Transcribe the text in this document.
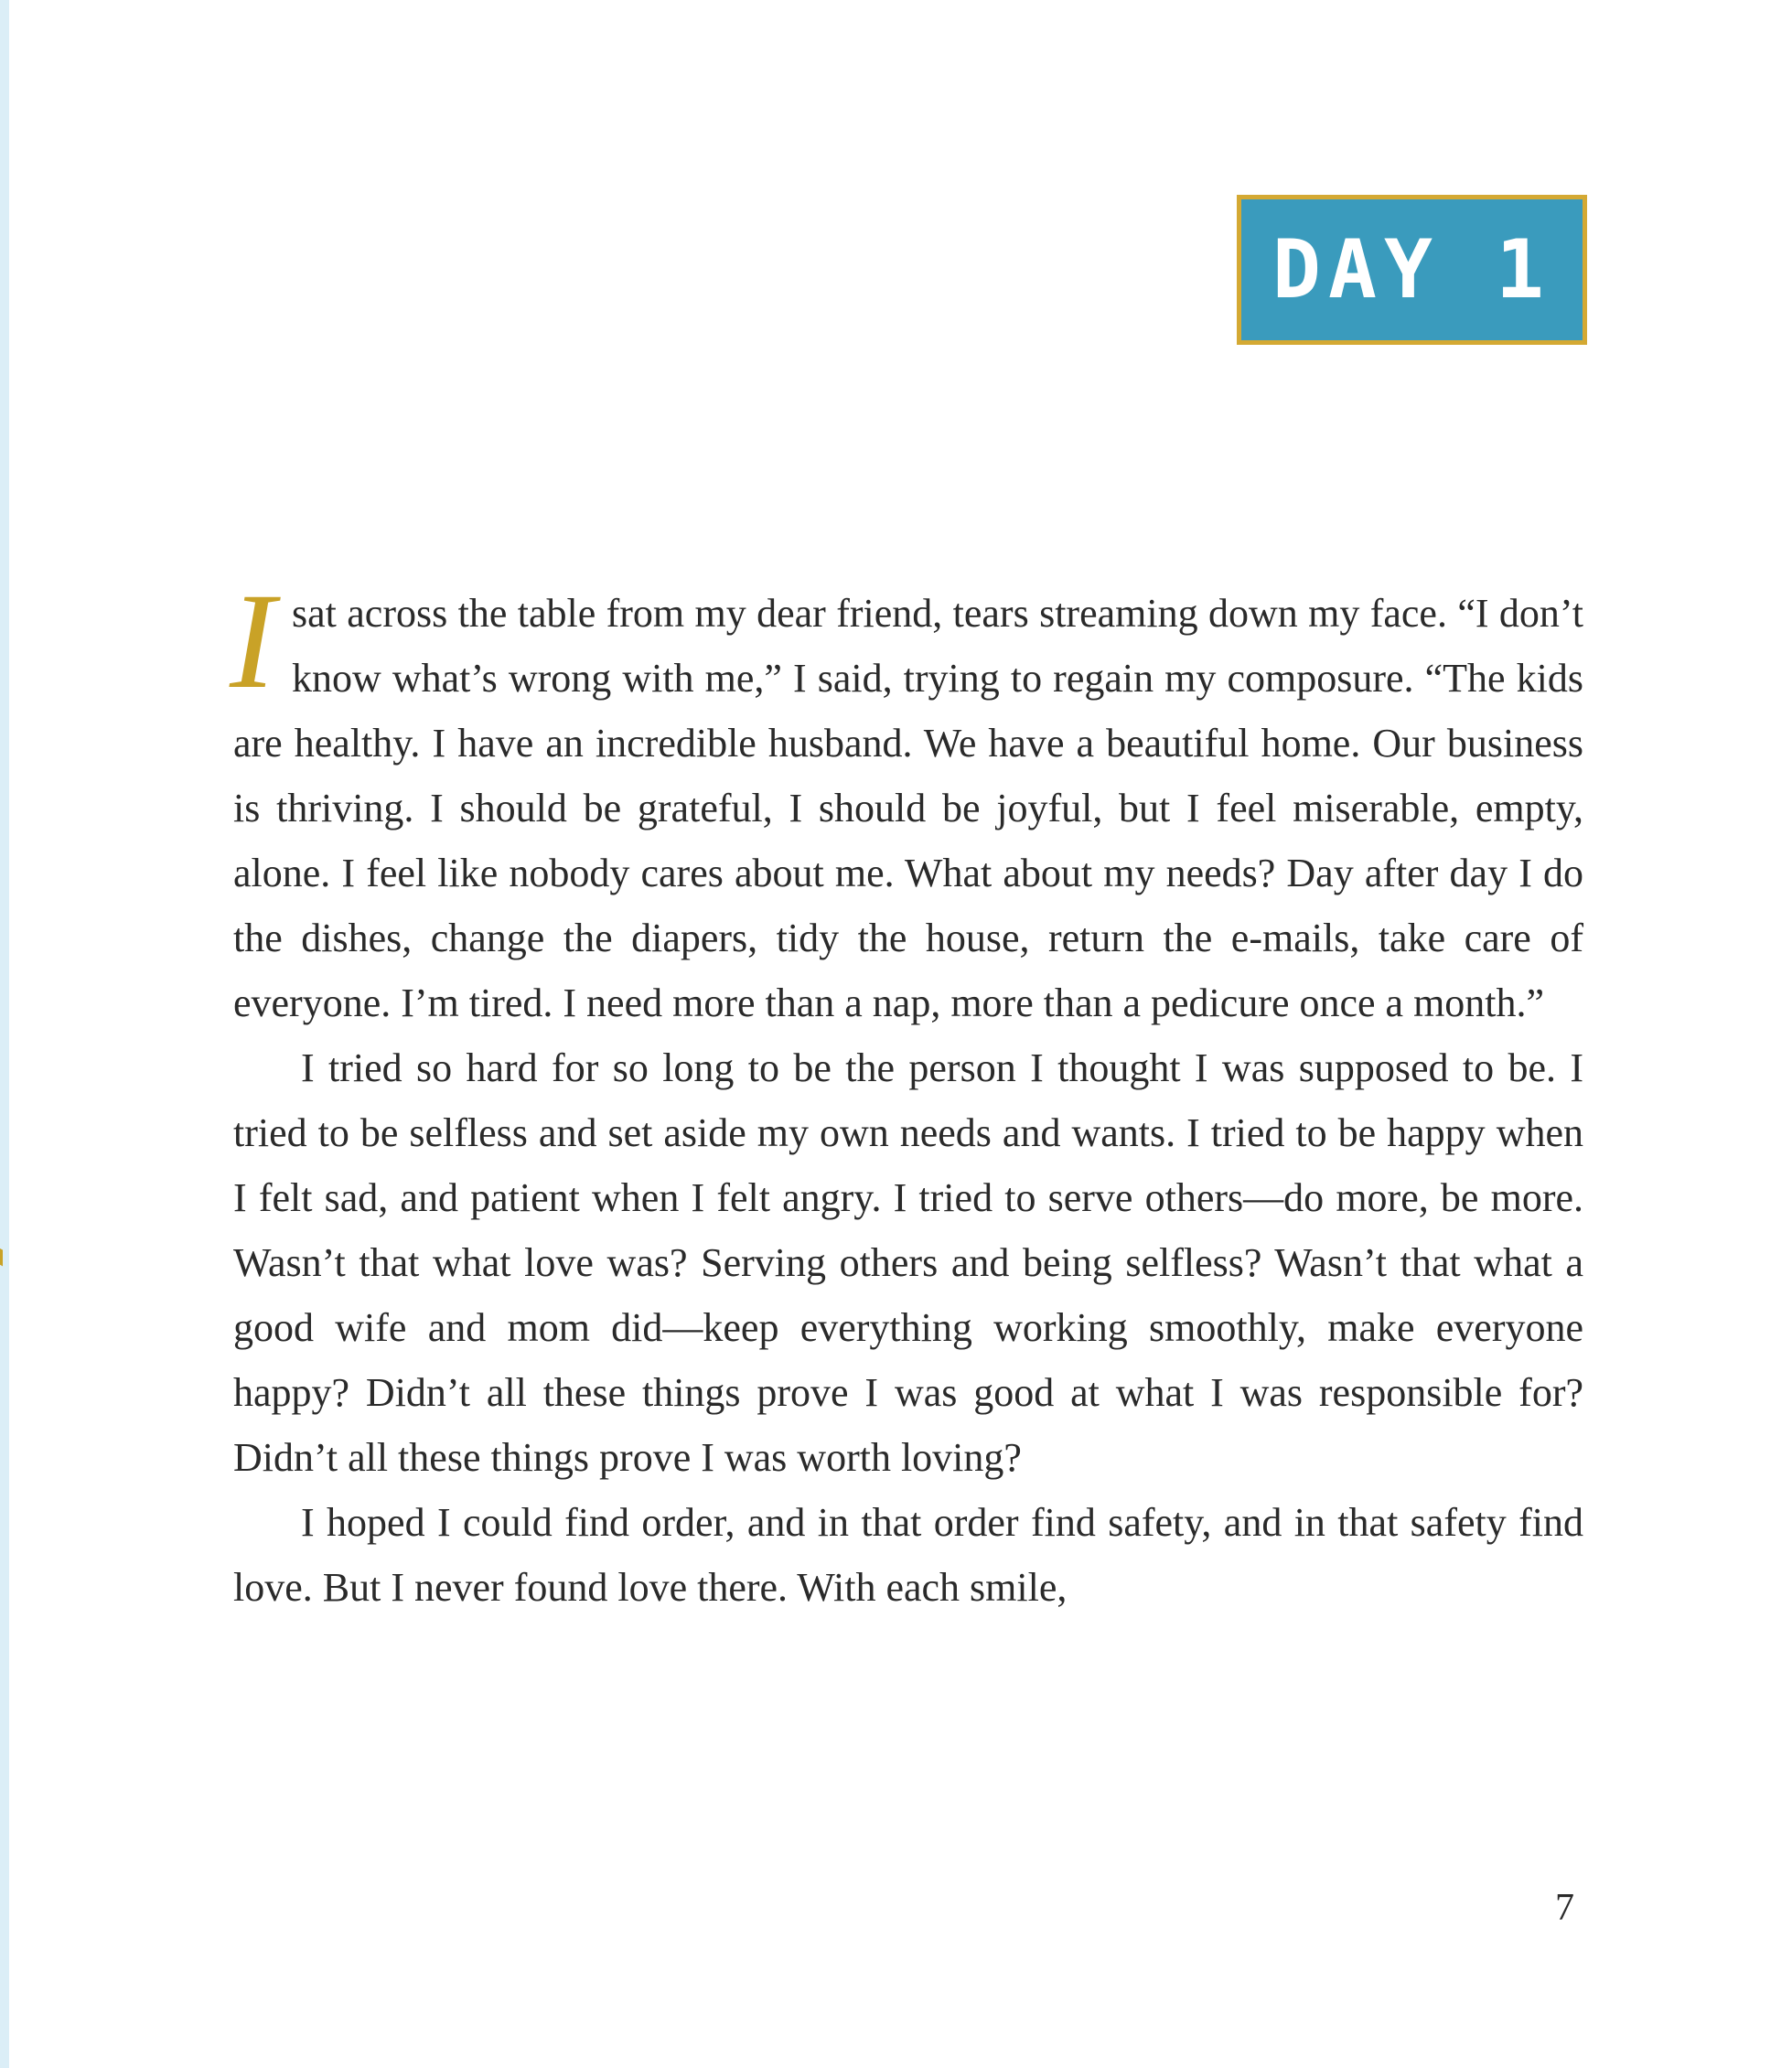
DAY 1

I sat across the table from my dear friend, tears streaming down my face. “I don’t know what’s wrong with me,” I said, trying to regain my composure. “The kids are healthy. I have an incredible husband. We have a beautiful home. Our business is thriving. I should be grateful, I should be joyful, but I feel miserable, empty, alone. I feel like nobody cares about me. What about my needs? Day after day I do the dishes, change the diapers, tidy the house, return the e-mails, take care of everyone. I’m tired. I need more than a nap, more than a pedicure once a month.”

I tried so hard for so long to be the person I thought I was supposed to be. I tried to be selfless and set aside my own needs and wants. I tried to be happy when I felt sad, and patient when I felt angry. I tried to serve others—do more, be more. Wasn’t that what love was? Serving others and being selfless? Wasn’t that what a good wife and mom did—keep everything working smoothly, make everyone happy? Didn’t all these things prove I was good at what I was responsible for? Didn’t all these things prove I was worth loving?

I hoped I could find order, and in that order find safety, and in that safety find love. But I never found love there. With each smile,

7
